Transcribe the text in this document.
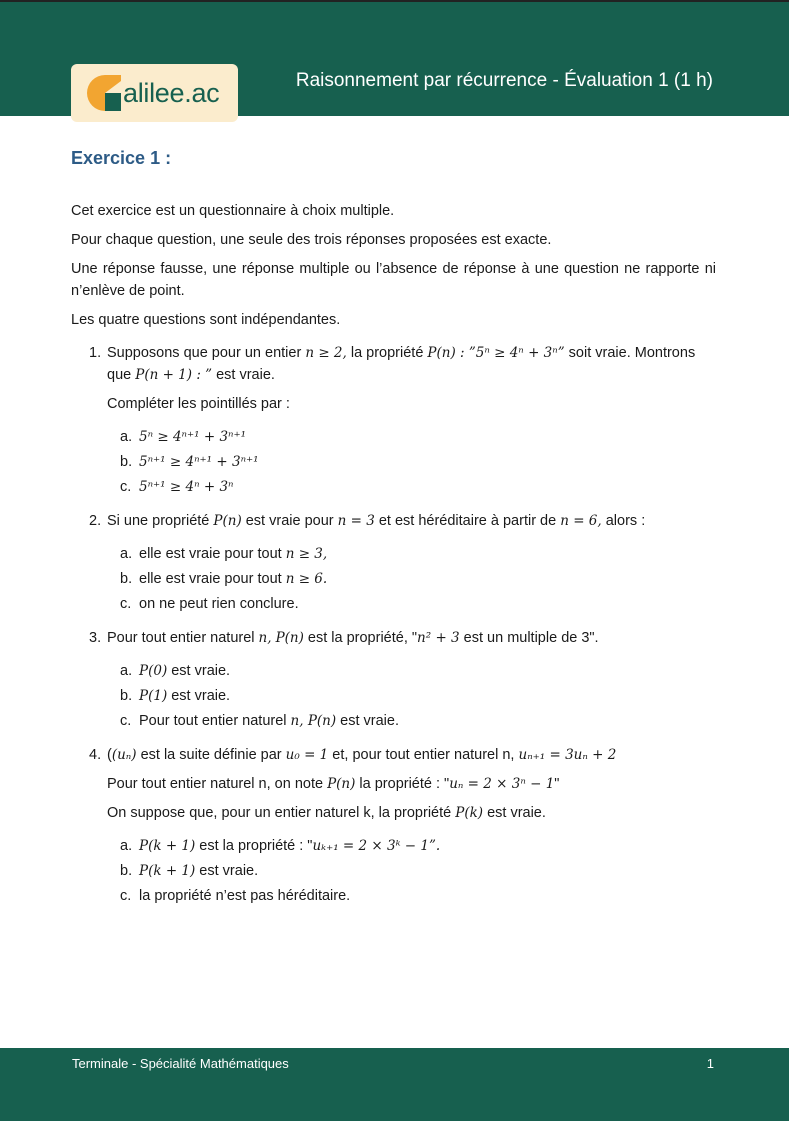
alilee.ac	Raisonnement par récurrence - Évaluation 1 (1 h)
Exercice 1 :

Cet exercice est un questionnaire à choix multiple.

Pour chaque question, une seule des trois réponses proposées est exacte.

Une réponse fausse, une réponse multiple ou l’absence de réponse à une question ne rapporte ni n’enlève de point.

Les quatre questions sont indépendantes.

1. Supposons que pour un entier n ≥ 2, la propriété P(n) : ”5ⁿ ≥ 4ⁿ + 3ⁿ” soit vraie. Montrons que P(n + 1) : ” est vraie.
Compléter les pointillés par :
a. 5ⁿ ≥ 4ⁿ⁺¹ + 3ⁿ⁺¹
b. 5ⁿ⁺¹ ≥ 4ⁿ⁺¹ + 3ⁿ⁺¹
c. 5ⁿ⁺¹ ≥ 4ⁿ + 3ⁿ
2. Si une propriété P(n) est vraie pour n = 3 et est héréditaire à partir de n = 6, alors :
a. elle est vraie pour tout n ≥ 3,
b. elle est vraie pour tout n ≥ 6.
c. on ne peut rien conclure.
3. Pour tout entier naturel n, P(n) est la propriété, "n² + 3 est un multiple de 3".
a. P(0) est vraie.
b. P(1) est vraie.
c. Pour tout entier naturel n, P(n) est vraie.
4. ((uₙ) est la suite définie par u₀ = 1 et, pour tout entier naturel n, uₙ₊₁ = 3uₙ + 2
Pour tout entier naturel n, on note P(n) la propriété : "uₙ = 2 × 3ⁿ − 1"
On suppose que, pour un entier naturel k, la propriété P(k) est vraie.
a. P(k + 1) est la propriété : "uₖ₊₁ = 2 × 3ᵏ − 1”.
b. P(k + 1) est vraie.
c. la propriété n’est pas héréditaire.
Terminale - Spécialité Mathématiques	1
